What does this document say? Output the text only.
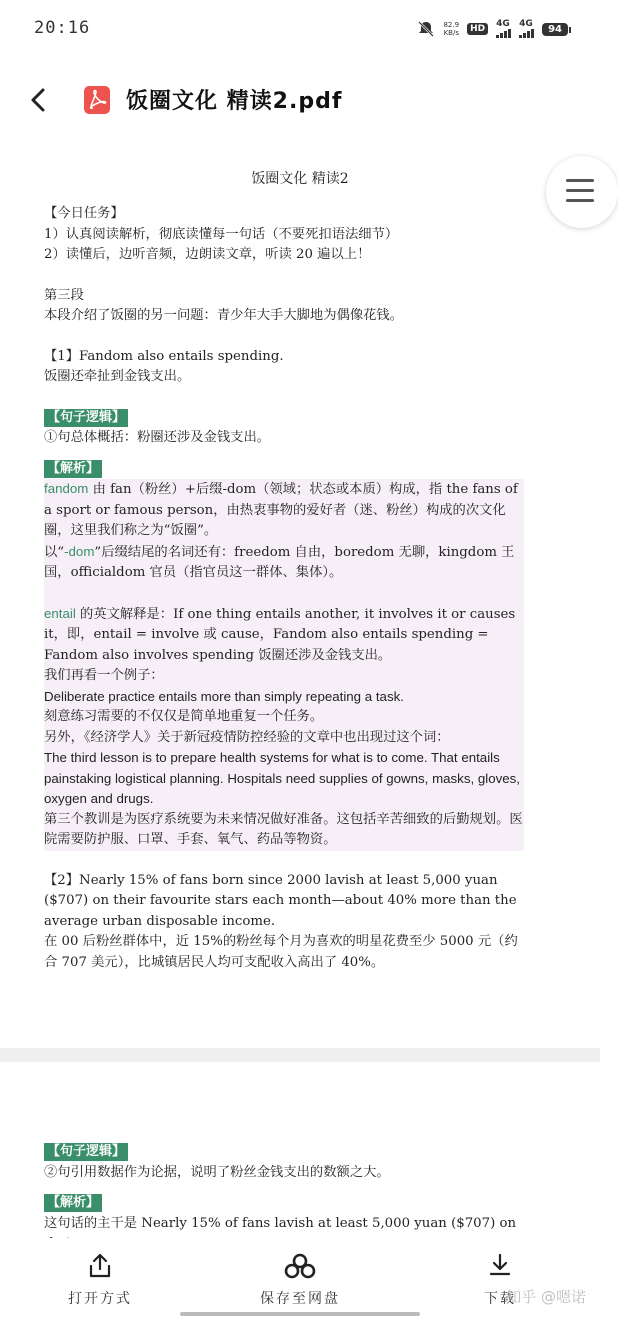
20:16	82.9
KB/s	HD	4G 4G	94
饭圈文化 精读2.pdf
饭圈文化 精读2

【今日任务】

1）认真阅读解析，彻底读懂每一句话（不要死扣语法细节）

2）读懂后，边听音频，边朗读文章，听读 20 遍以上！

第三段

本段介绍了饭圈的另一问题：青少年大手大脚地为偶像花钱。

【1】Fandom also entails spending.

饭圈还牵扯到金钱支出。

【句子逻辑】

①句总体概括：粉圈还涉及金钱支出。

【解析】

fandom 由 fan（粉丝）+后缀-dom（领域；状态或本质）构成，指 the fans of a sport or famous person，由热衷事物的爱好者（迷、粉丝）构成的次文化圈，这里我们称之为“饭圈”。

以“-dom”后缀结尾的名词还有：freedom 自由，boredom 无聊，kingdom 王国，officialdom 官员（指官员这一群体、集体）。

entail 的英文解释是：If one thing entails another, it involves it or causes it，即，entail = involve 或 cause，Fandom also entails spending = Fandom also involves spending 饭圈还涉及金钱支出。

我们再看一个例子：

Deliberate practice entails more than simply repeating a task.

刻意练习需要的不仅仅是简单地重复一个任务。

另外，《经济学人》关于新冠疫情防控经验的文章中也出现过这个词：

The third lesson is to prepare health systems for what is to come. That entails painstaking logistical planning. Hospitals need supplies of gowns, masks, gloves, oxygen and drugs.

第三个教训是为医疗系统要为未来情况做好准备。这包括辛苦细致的后勤规划。医院需要防护服、口罩、手套、氧气、药品等物资。

【2】Nearly 15% of fans born since 2000 lavish at least 5,000 yuan ($707) on their favourite stars each month—about 40% more than the average urban disposable income.

在 00 后粉丝群体中，近 15%的粉丝每个月为喜欢的明星花费至少 5000 元（约合 707 美元），比城镇居民人均可支配收入高出了 40%。

【句子逻辑】

②句引用数据作为论据，说明了粉丝金钱支出的数额之大。

【解析】

这句话的主干是 Nearly 15% of fans lavish at least 5,000 yuan ($707) on

打开方式	保存至网盘	下载
知乎 @嗯诺
